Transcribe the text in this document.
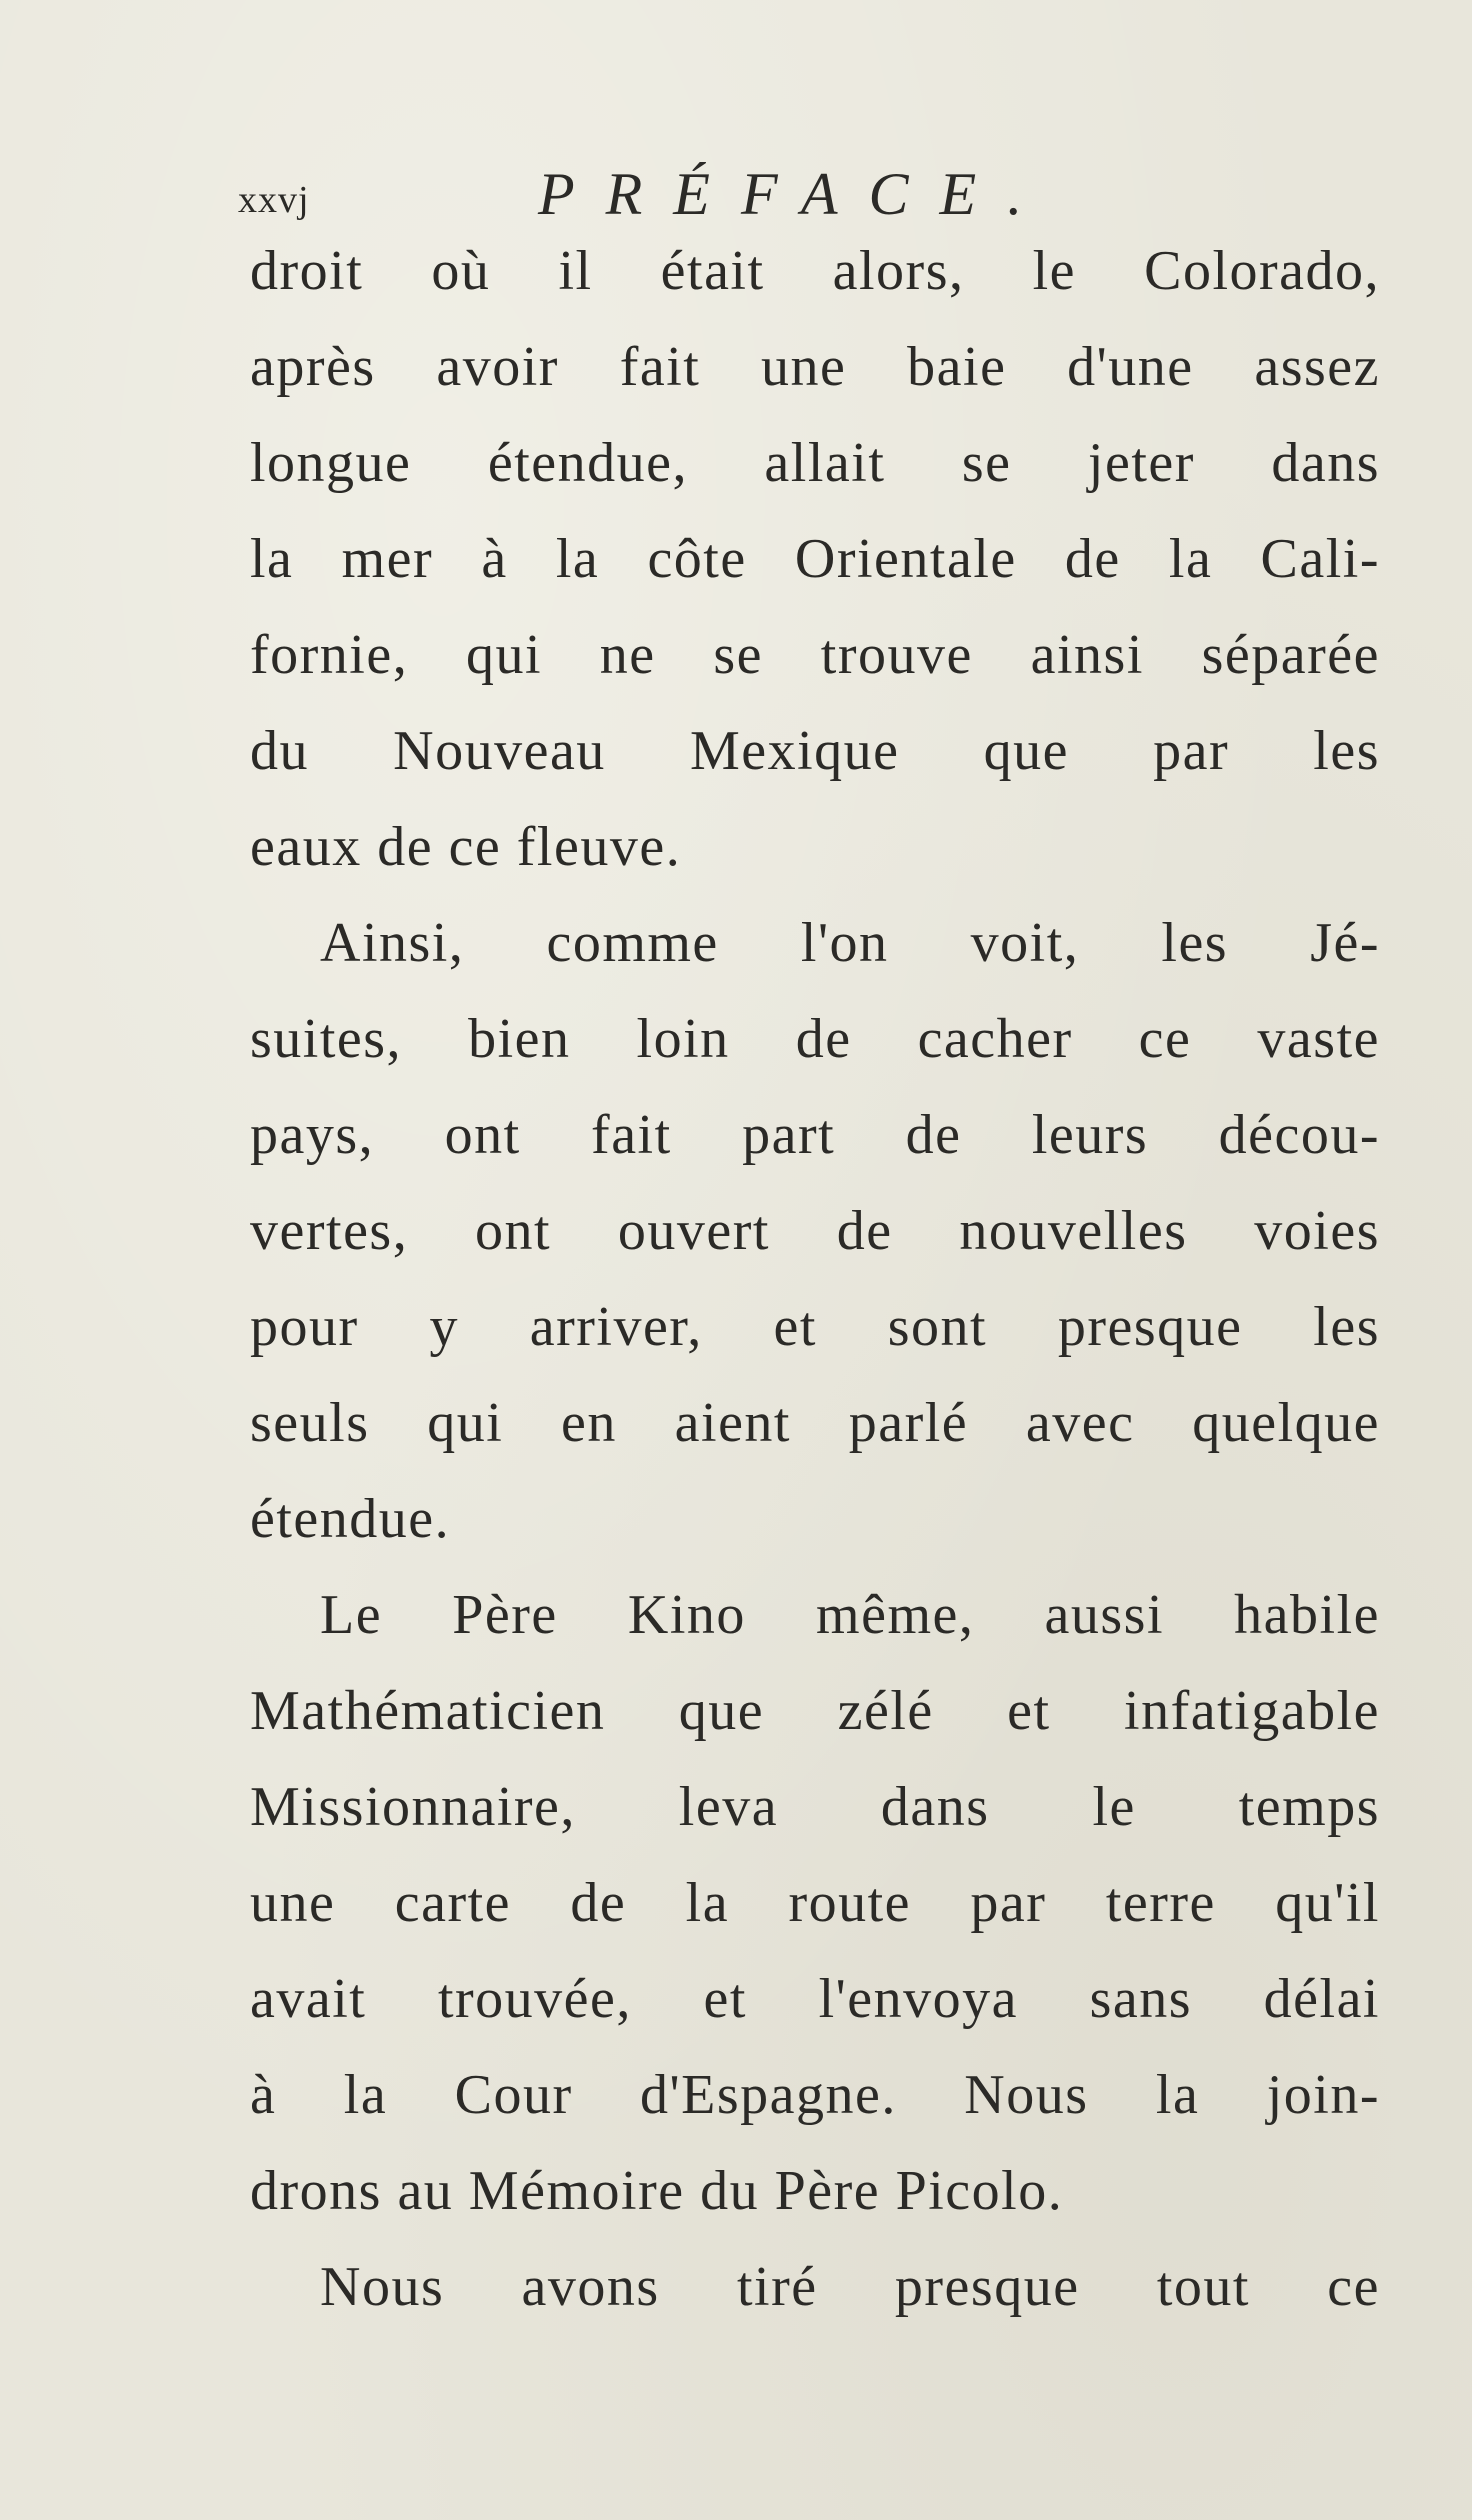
xxvj	PRÉFACE.
droit où il était alors, le Colorado,
après avoir fait une baie d'une assez
longue étendue, allait se jeter dans
la mer à la côte Orientale de la Cali-
fornie, qui ne se trouve ainsi séparée
du Nouveau Mexique que par les
eaux de ce fleuve.
Ainsi, comme l'on voit, les Jé-
suites, bien loin de cacher ce vaste
pays, ont fait part de leurs décou-
vertes, ont ouvert de nouvelles voies
pour y arriver, et sont presque les
seuls qui en aient parlé avec quelque
étendue.
Le Père Kino même, aussi habile
Mathématicien que zélé et infatigable
Missionnaire, leva dans le temps
une carte de la route par terre qu'il
avait trouvée, et l'envoya sans délai
à la Cour d'Espagne. Nous la join-
drons au Mémoire du Père Picolo.
Nous avons tiré presque tout ce
